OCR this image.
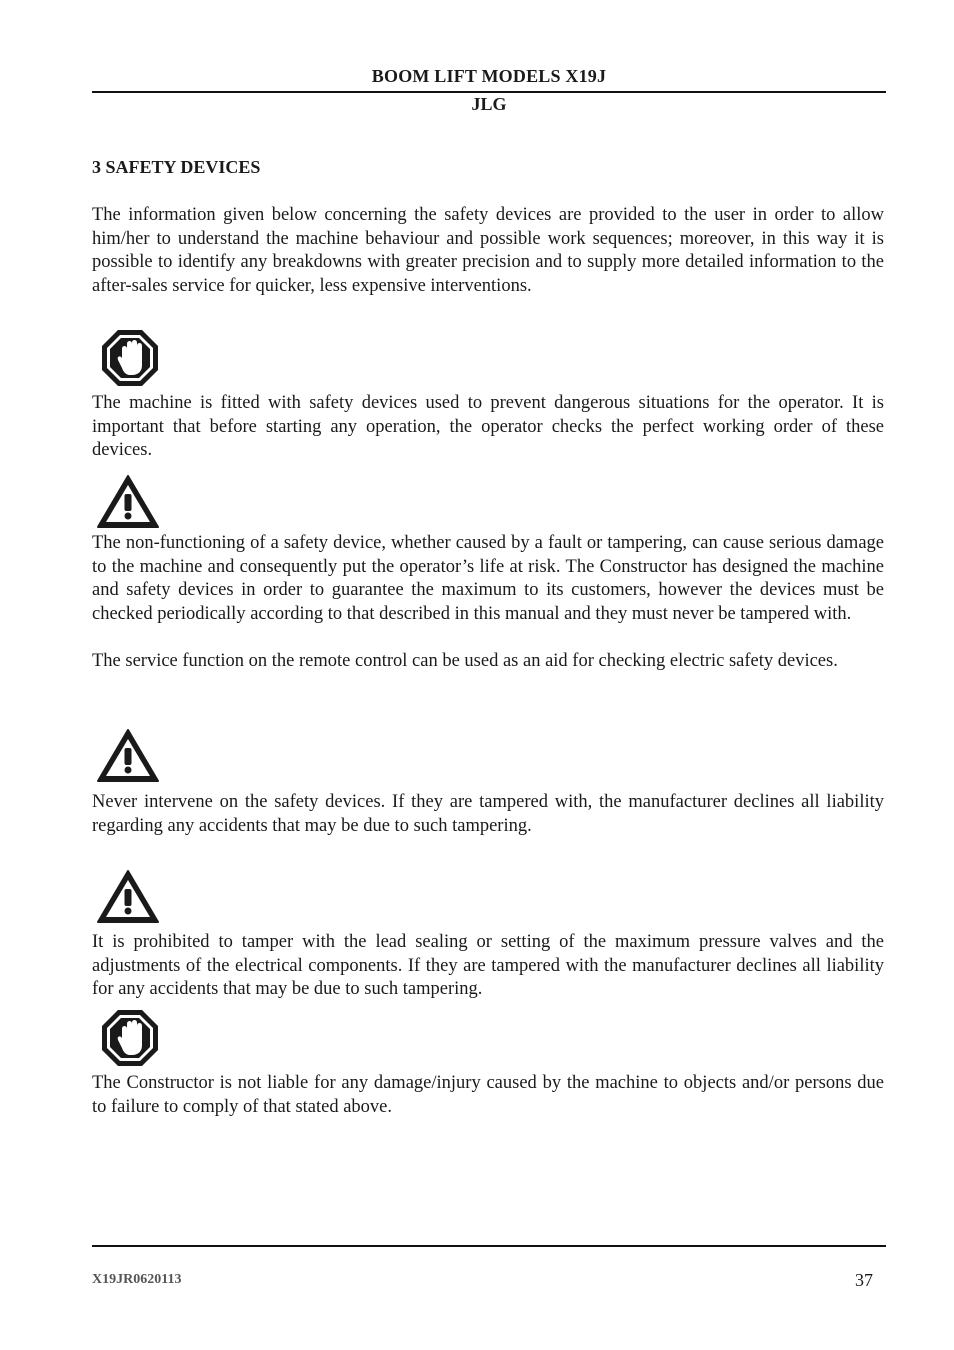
BOOM LIFT MODELS X19J
JLG
3 SAFETY DEVICES

The information given below concerning the safety devices are provided to the user in order to allow him/her to understand the machine behaviour and possible work sequences; moreover, in this way it is possible to identify any breakdowns with greater precision and to supply more detailed information to the after-sales service for quicker, less expensive interventions.

The machine is fitted with safety devices used to prevent dangerous situations for the operator. It is important that before starting any operation, the operator checks the perfect working order of these devices.

The non-functioning of a safety device, whether caused by a fault or tampering, can cause serious damage to the machine and consequently put the operator’s life at risk. The Constructor has designed the machine and safety devices in order to guarantee the maximum to its customers, however the devices must be checked periodically according to that described in this manual and they must never be tampered with.

The service function on the remote control can be used as an aid for checking electric safety devices.

Never intervene on the safety devices. If they are tampered with, the manufacturer declines all liability regarding any accidents that may be due to such tampering.

It is prohibited to tamper with the lead sealing or setting of the maximum pressure valves and the adjustments of the electrical components. If they are tampered with the manufacturer declines all liability for any accidents that may be due to such tampering.

The Constructor is not liable for any damage/injury caused by the machine to objects and/or persons due to failure to comply of that stated above.

X19JR0620113	37
